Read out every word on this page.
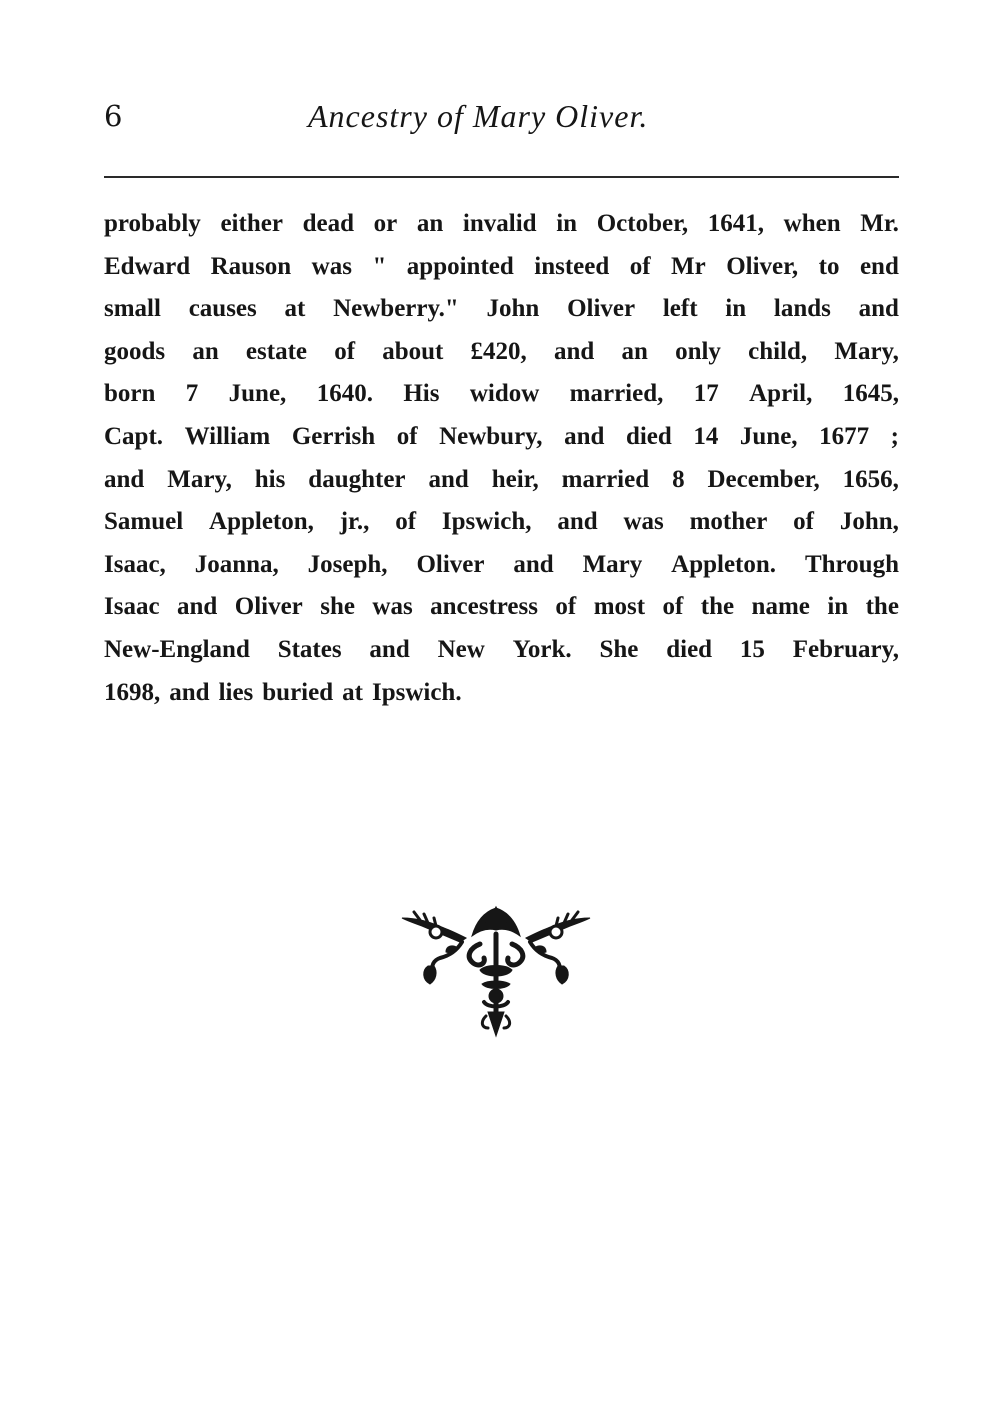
6	Ancestry of Mary Oliver.
probably either dead or an invalid in October, 1641, when Mr.
Edward Rauson was " appointed insteed of Mr Oliver, to end
small causes at Newberry." John Oliver left in lands and
goods an estate of about £420, and an only child, Mary,
born 7 June, 1640. His widow married, 17 April, 1645,
Capt. William Gerrish of Newbury, and died 14 June, 1677 ;
and Mary, his daughter and heir, married 8 December, 1656,
Samuel Appleton, jr., of Ipswich, and was mother of John,
Isaac, Joanna, Joseph, Oliver and Mary Appleton. Through
Isaac and Oliver she was ancestress of most of the name in the
New-England States and New York. She died 15 February,
1698, and lies buried at Ipswich.
